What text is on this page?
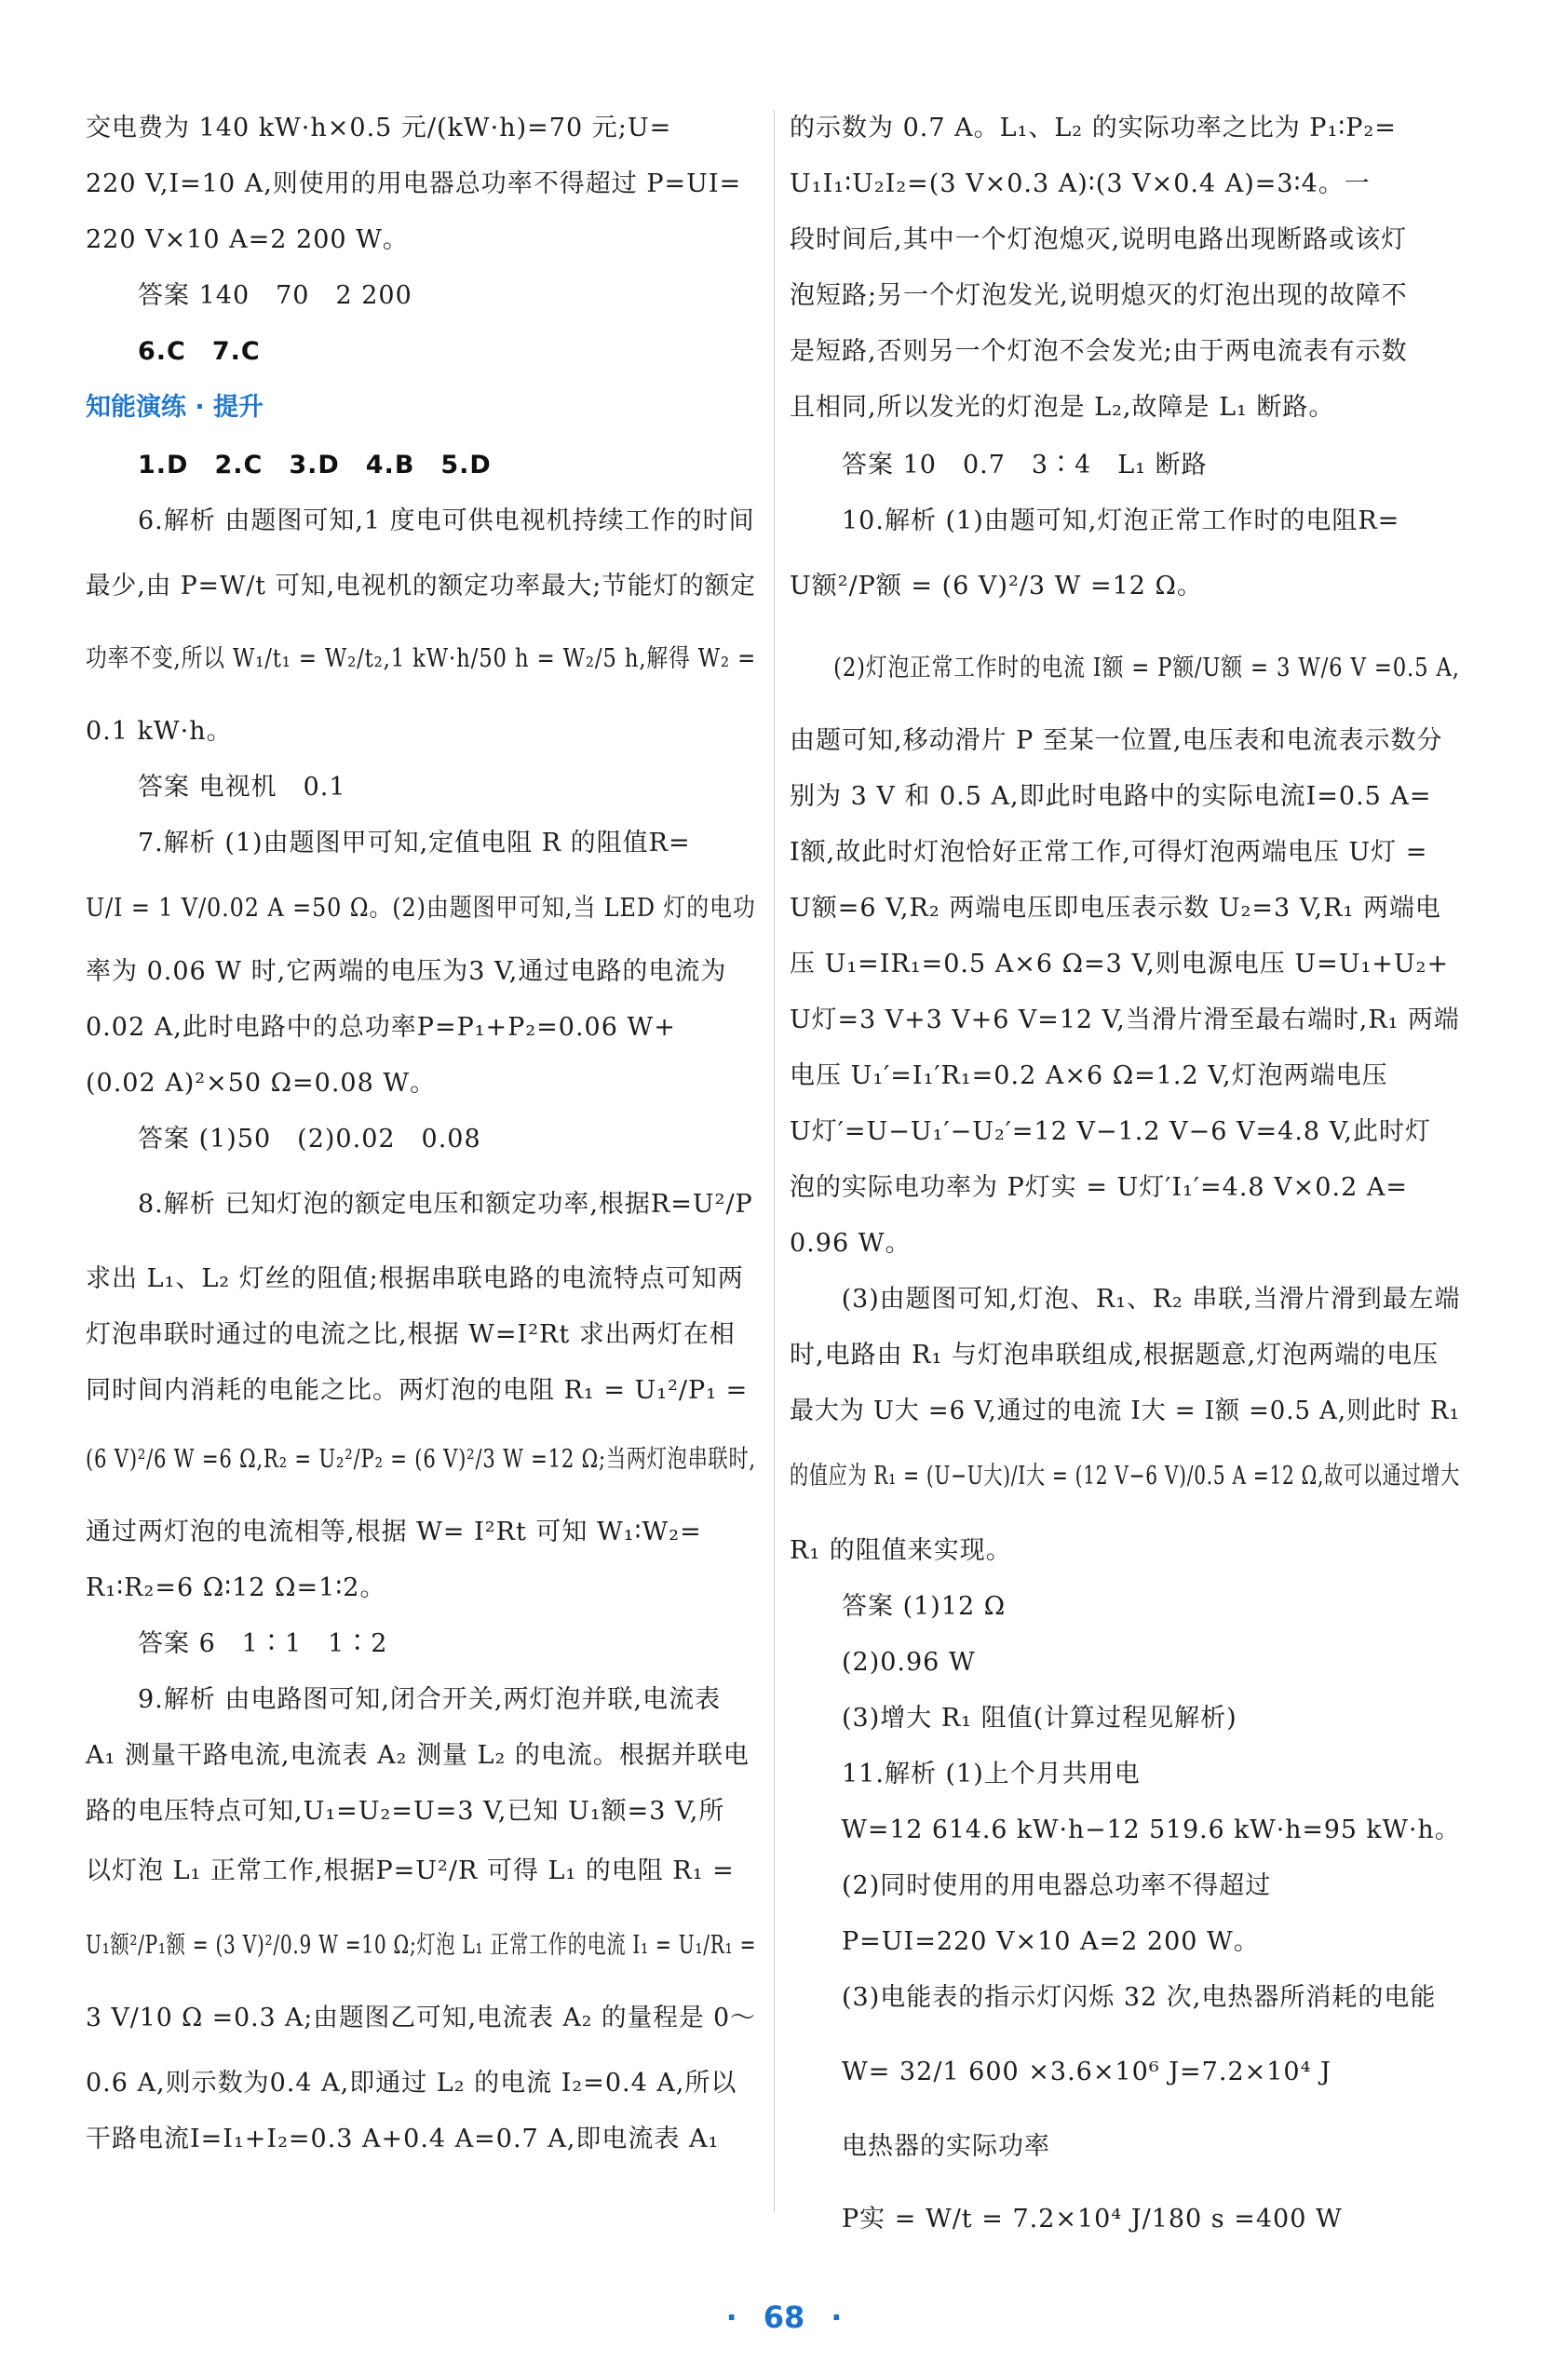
交电费为 140 kW·h×0.5 元/(kW·h)=70 元;U=
220 V,I=10 A,则使用的用电器总功率不得超过 P=UI=
220 V×10 A=2 200 W。
答案 140　70　2 200
6.C　7.C
知能演练 · 提升
1.D　2.C　3.D　4.B　5.D
6.解析 由题图可知,1 度电可供电视机持续工作的时间
最少,由 P=W/t 可知,电视机的额定功率最大;节能灯的额定
功率不变,所以 W₁/t₁ = W₂/t₂,1 kW·h/50 h = W₂/5 h,解得 W₂ =
0.1 kW·h。
答案 电视机　0.1
7.解析 (1)由题图甲可知,定值电阻 R 的阻值R=
U/I = 1 V/0.02 A =50 Ω。(2)由题图甲可知,当 LED 灯的电功
率为 0.06 W 时,它两端的电压为3 V,通过电路的电流为
0.02 A,此时电路中的总功率P=P₁+P₂=0.06 W+
(0.02 A)²×50 Ω=0.08 W。
答案 (1)50　(2)0.02　0.08
8.解析 已知灯泡的额定电压和额定功率,根据R=U²/P
求出 L₁、L₂ 灯丝的阻值;根据串联电路的电流特点可知两
灯泡串联时通过的电流之比,根据 W=I²Rt 求出两灯在相
同时间内消耗的电能之比。两灯泡的电阻 R₁ = U₁²/P₁ =
(6 V)²/6 W =6 Ω,R₂ = U₂²/P₂ = (6 V)²/3 W =12 Ω;当两灯泡串联时,
通过两灯泡的电流相等,根据 W= I²Rt 可知 W₁∶W₂=
R₁∶R₂=6 Ω∶12 Ω=1∶2。
答案 6　1∶1　1∶2
9.解析 由电路图可知,闭合开关,两灯泡并联,电流表
A₁ 测量干路电流,电流表 A₂ 测量 L₂ 的电流。根据并联电
路的电压特点可知,U₁=U₂=U=3 V,已知 U₁额=3 V,所
以灯泡 L₁ 正常工作,根据P=U²/R 可得 L₁ 的电阻 R₁ =
U₁额²/P₁额 = (3 V)²/0.9 W =10 Ω;灯泡 L₁ 正常工作的电流 I₁ = U₁/R₁ =
3 V/10 Ω =0.3 A;由题图乙可知,电流表 A₂ 的量程是 0～
0.6 A,则示数为0.4 A,即通过 L₂ 的电流 I₂=0.4 A,所以
干路电流I=I₁+I₂=0.3 A+0.4 A=0.7 A,即电流表 A₁
的示数为 0.7 A。L₁、L₂ 的实际功率之比为 P₁∶P₂=
U₁I₁∶U₂I₂=(3 V×0.3 A)∶(3 V×0.4 A)=3∶4。一
段时间后,其中一个灯泡熄灭,说明电路出现断路或该灯
泡短路;另一个灯泡发光,说明熄灭的灯泡出现的故障不
是短路,否则另一个灯泡不会发光;由于两电流表有示数
且相同,所以发光的灯泡是 L₂,故障是 L₁ 断路。
答案 10　0.7　3∶4　L₁ 断路
10.解析 (1)由题可知,灯泡正常工作时的电阻R=
U额²/P额 = (6 V)²/3 W =12 Ω。
(2)灯泡正常工作时的电流 I额 = P额/U额 = 3 W/6 V =0.5 A,
由题可知,移动滑片 P 至某一位置,电压表和电流表示数分
别为 3 V 和 0.5 A,即此时电路中的实际电流I=0.5 A=
I额,故此时灯泡恰好正常工作,可得灯泡两端电压 U灯 =
U额=6 V,R₂ 两端电压即电压表示数 U₂=3 V,R₁ 两端电
压 U₁=IR₁=0.5 A×6 Ω=3 V,则电源电压 U=U₁+U₂+
U灯=3 V+3 V+6 V=12 V,当滑片滑至最右端时,R₁ 两端
电压 U₁′=I₁′R₁=0.2 A×6 Ω=1.2 V,灯泡两端电压
U灯′=U−U₁′−U₂′=12 V−1.2 V−6 V=4.8 V,此时灯
泡的实际电功率为 P灯实 = U灯′I₁′=4.8 V×0.2 A=
0.96 W。
(3)由题图可知,灯泡、R₁、R₂ 串联,当滑片滑到最左端
时,电路由 R₁ 与灯泡串联组成,根据题意,灯泡两端的电压
最大为 U大 =6 V,通过的电流 I大 = I额 =0.5 A,则此时 R₁
的值应为 R₁ = (U−U大)/I大 = (12 V−6 V)/0.5 A =12 Ω,故可以通过增大
R₁ 的阻值来实现。
答案 (1)12 Ω
(2)0.96 W
(3)增大 R₁ 阻值(计算过程见解析)
11.解析 (1)上个月共用电
W=12 614.6 kW·h−12 519.6 kW·h=95 kW·h。
(2)同时使用的用电器总功率不得超过
P=UI=220 V×10 A=2 200 W。
(3)电能表的指示灯闪烁 32 次,电热器所消耗的电能
W= 32/1 600 ×3.6×10⁶ J=7.2×10⁴ J
电热器的实际功率
P实 = W/t = 7.2×10⁴ J/180 s =400 W
· 68 ·
